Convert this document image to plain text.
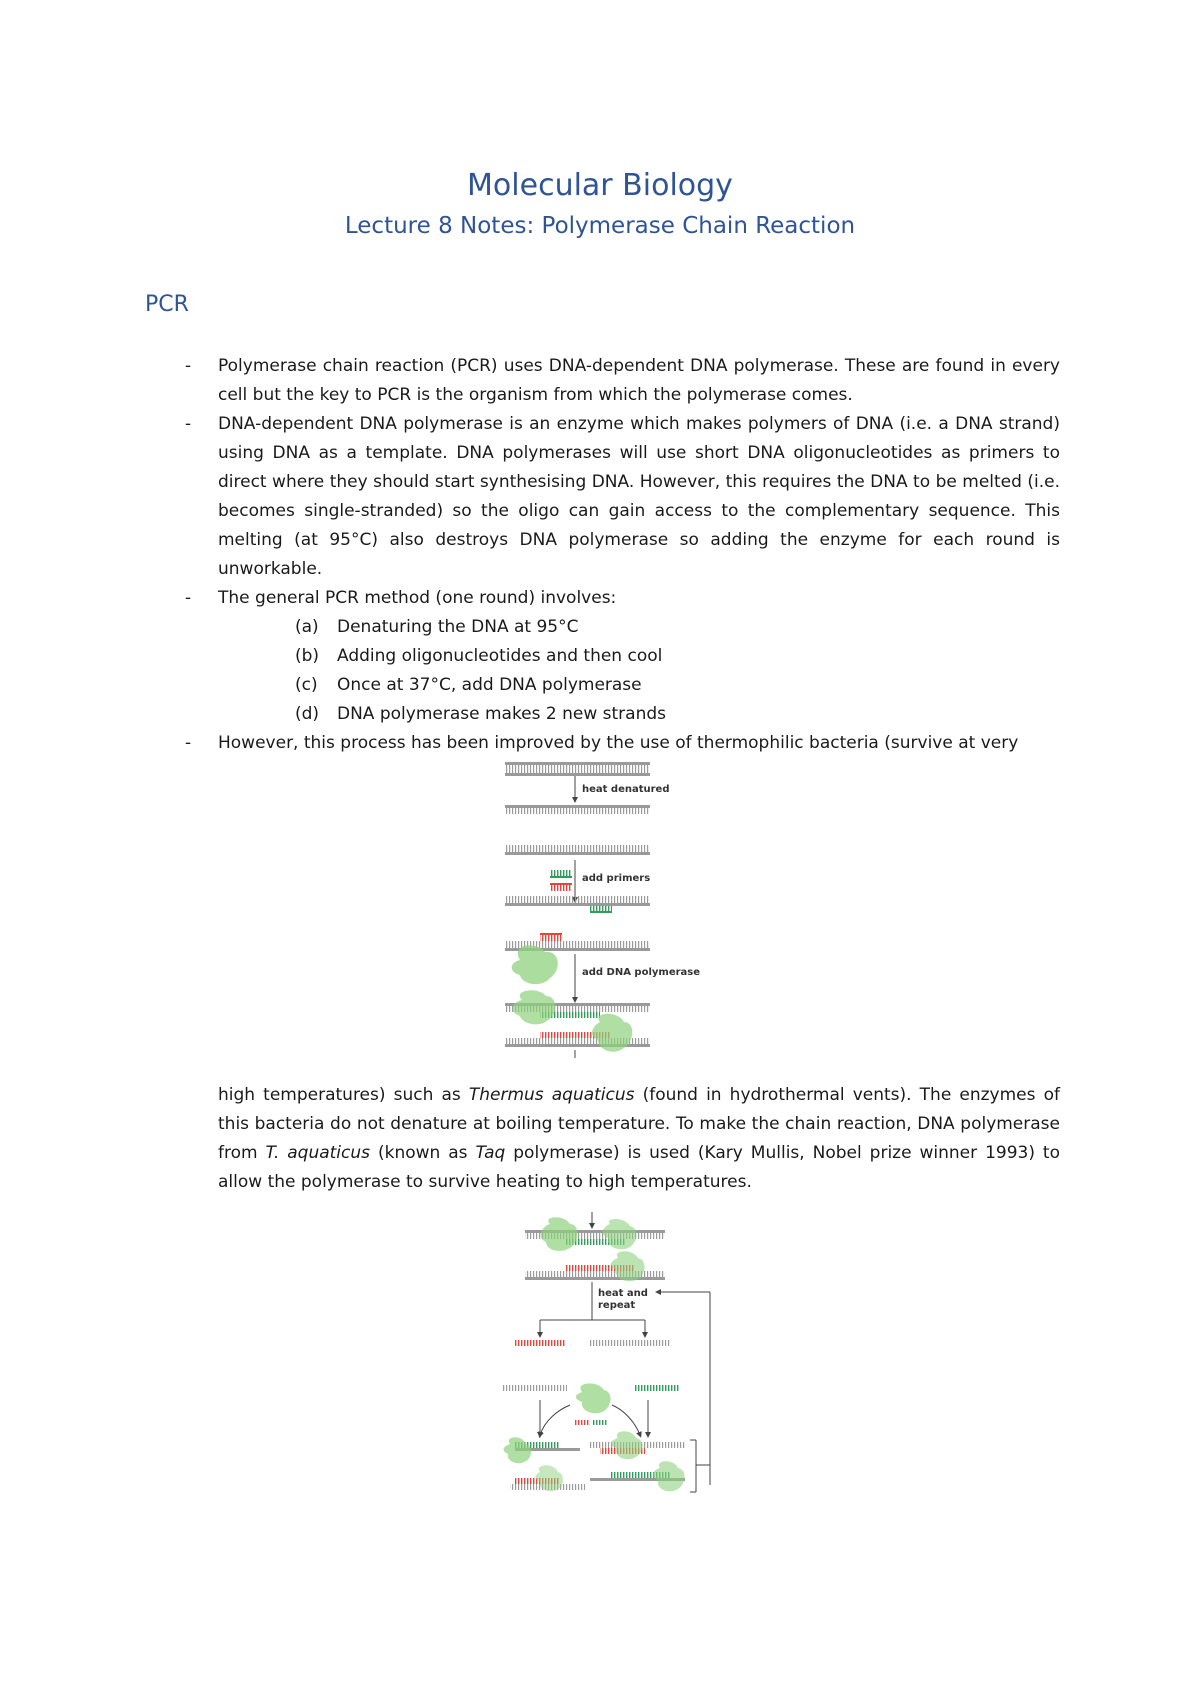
Molecular Biology
Lecture 8 Notes: Polymerase Chain Reaction
PCR
- Polymerase chain reaction (PCR) uses DNA-dependent DNA polymerase. These are found in every cell but the key to PCR is the organism from which the polymerase comes.
- DNA-dependent DNA polymerase is an enzyme which makes polymers of DNA (i.e. a DNA strand) using DNA as a template. DNA polymerases will use short DNA oligonucleotides as primers to direct where they should start synthesising DNA. However, this requires the DNA to be melted (i.e. becomes single-stranded) so the oligo can gain access to the complementary sequence. This melting (at 95°C) also destroys DNA polymerase so adding the enzyme for each round is unworkable.
- The general PCR method (one round) involves:
(a) Denaturing the DNA at 95°C
(b) Adding oligonucleotides and then cool
(c) Once at 37°C, add DNA polymerase
(d) DNA polymerase makes 2 new strands
- However, this process has been improved by the use of thermophilic bacteria (survive at very
heat denatured
add primers
add DNA polymerase
high temperatures) such as Thermus aquaticus (found in hydrothermal vents). The enzymes of this bacteria do not denature at boiling temperature. To make the chain reaction, DNA polymerase from T. aquaticus (known as Taq polymerase) is used (Kary Mullis, Nobel prize winner 1993) to allow the polymerase to survive heating to high temperatures.
heat and
repeat
